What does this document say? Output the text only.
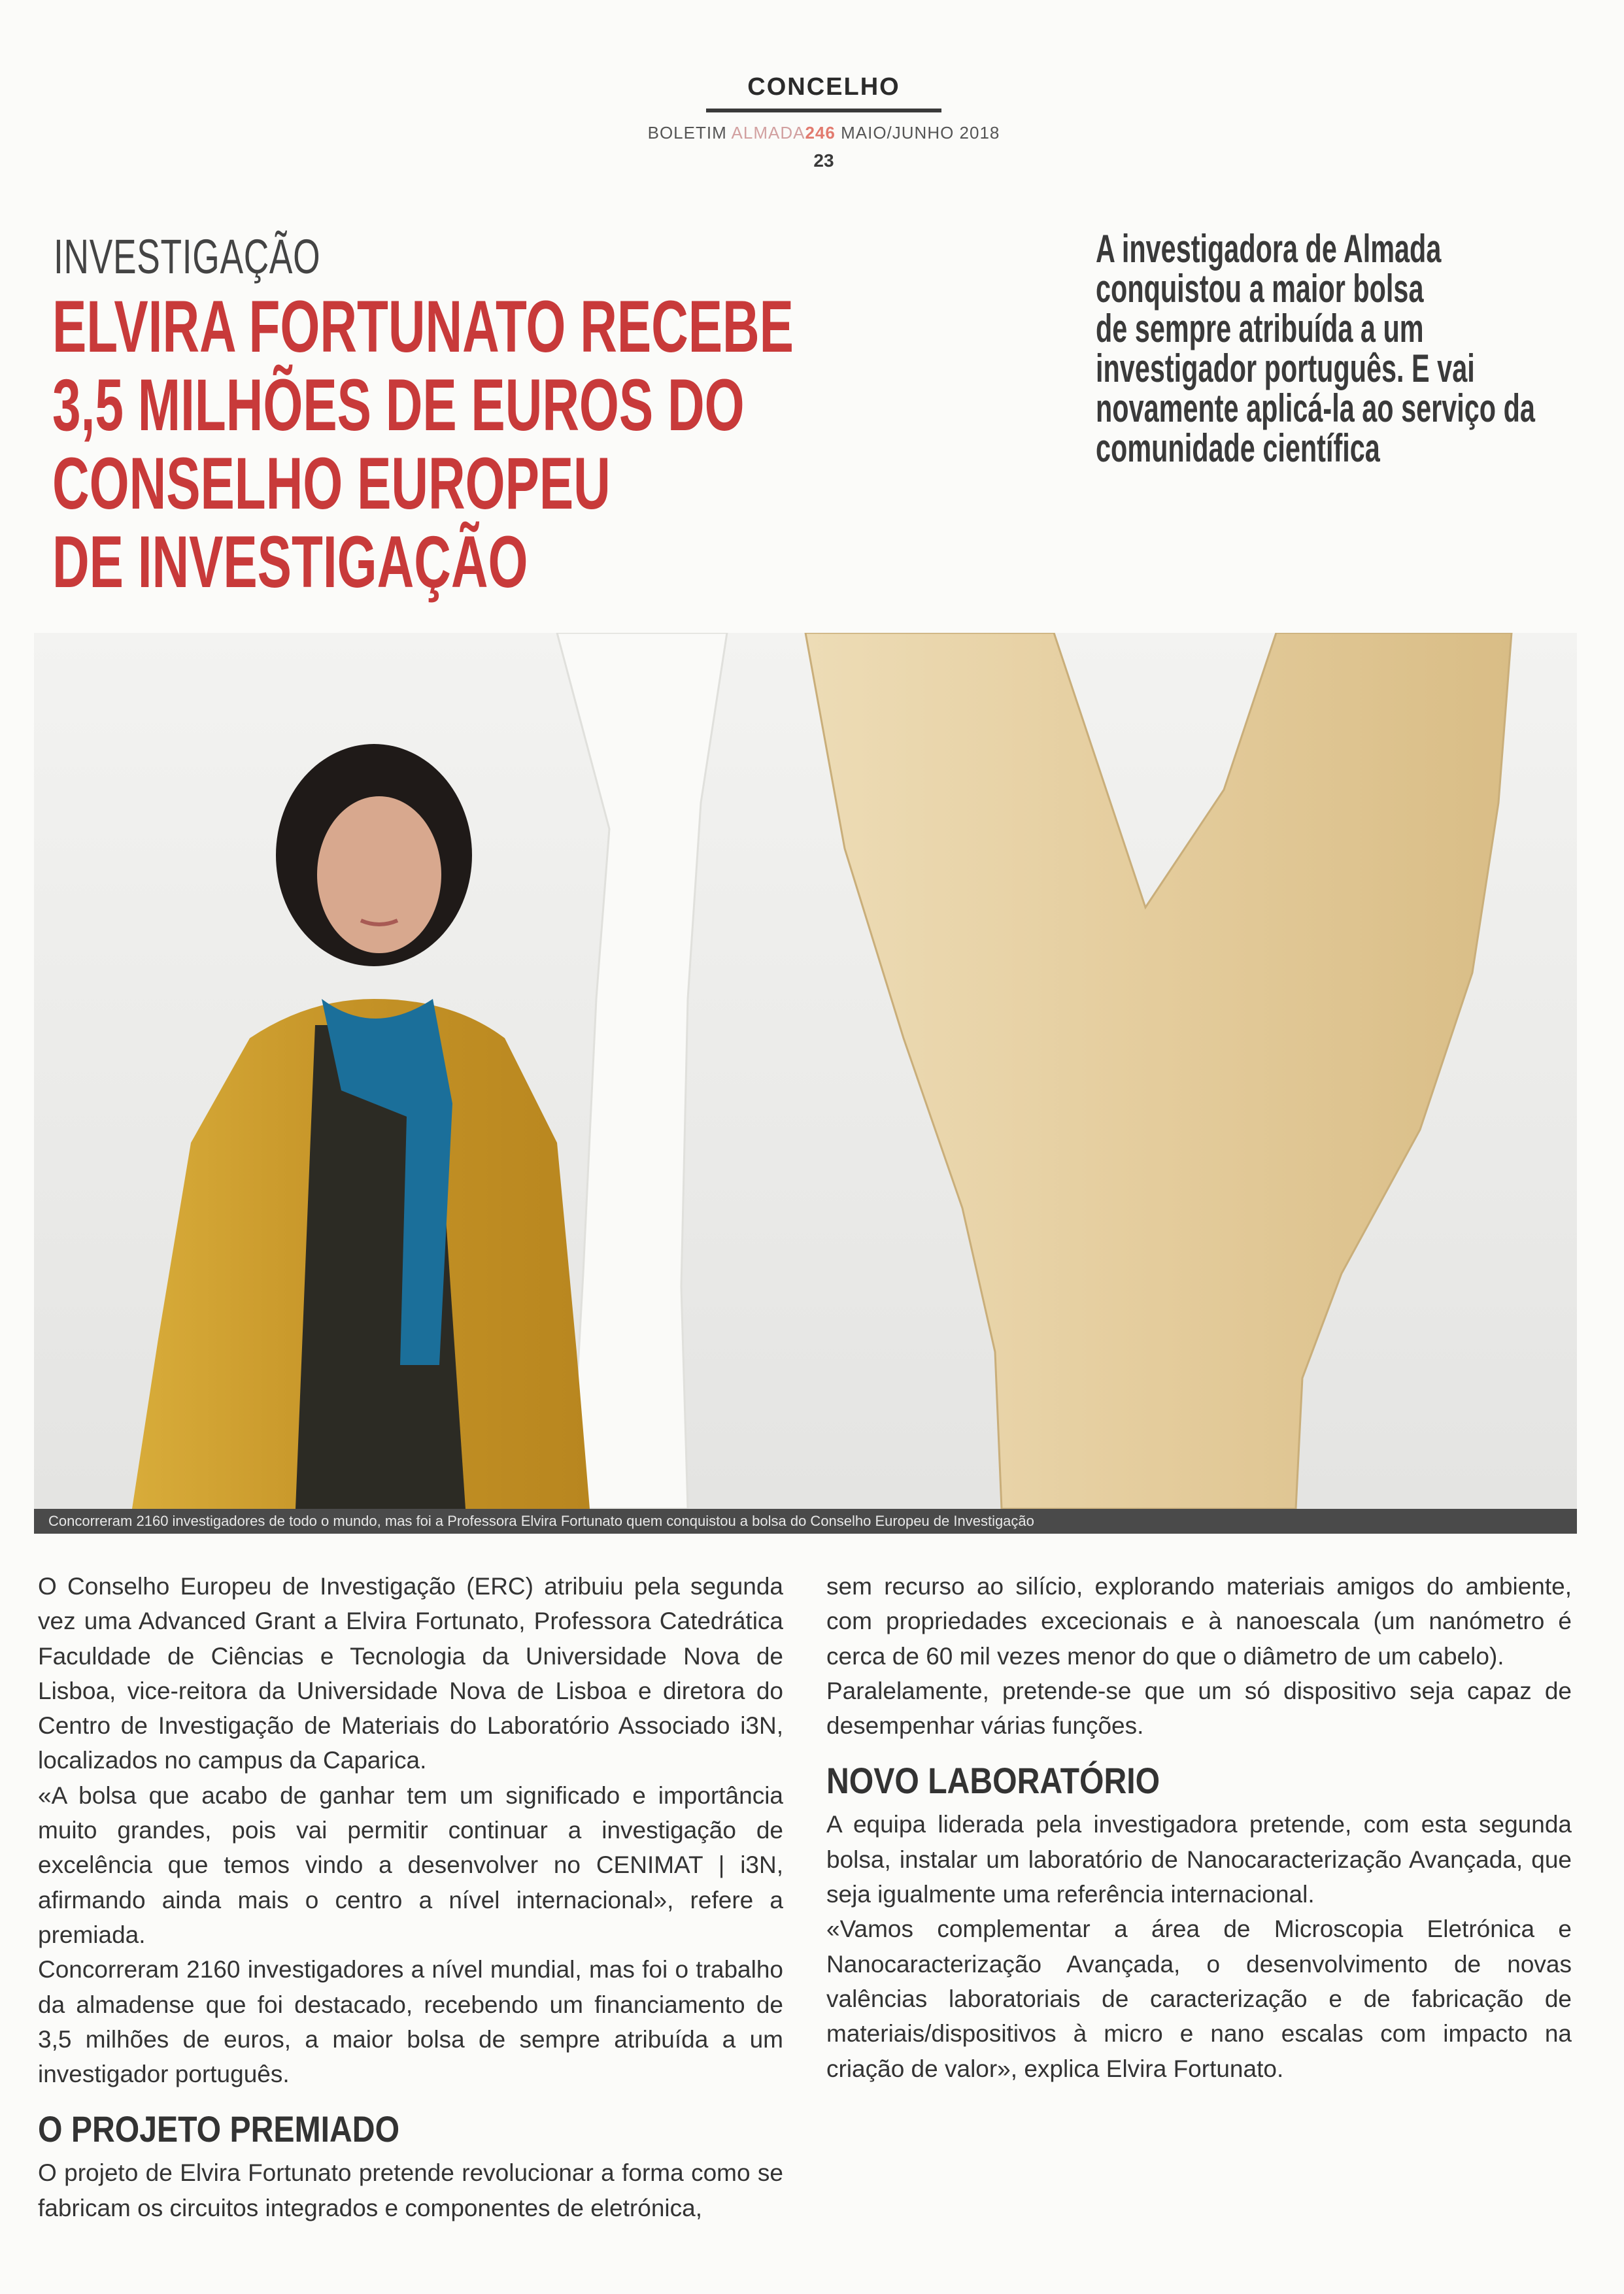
CONCELHO
BOLETIM ALMADA246 MAIO/JUNHO 2018
23
INVESTIGAÇÃO
ELVIRA FORTUNATO RECEBE
3,5 MILHÕES DE EUROS DO
CONSELHO EUROPEU
DE INVESTIGAÇÃO
A investigadora de Almada
conquistou a maior bolsa
de sempre atribuída a um
investigador português. E vai
novamente aplicá-la ao serviço da
comunidade científica
Concorreram 2160 investigadores de todo o mundo, mas foi a Professora Elvira Fortunato quem conquistou a bolsa do Conselho Europeu de Investigação

O Conselho Europeu de Investigação (ERC) atribuiu pela segunda vez uma Advanced Grant a Elvira Fortunato, Professora Catedrática Faculdade de Ciências e Tecnologia da Universidade Nova de Lisboa, vice-reitora da Universidade Nova de Lisboa e diretora do Centro de Investigação de Materiais do Laboratório Associado i3N, localizados no campus da Caparica.

«A bolsa que acabo de ganhar tem um significado e importância muito grandes, pois vai permitir continuar a investigação de excelência que temos vindo a desenvolver no CENIMAT | i3N, afirmando ainda mais o centro a nível internacional», refere a premiada.

Concorreram 2160 investigadores a nível mundial, mas foi o trabalho da almadense que foi destacado, recebendo um financiamento de 3,5 milhões de euros, a maior bolsa de sempre atribuída a um investigador português.

O PROJETO PREMIADO

O projeto de Elvira Fortunato pretende revolucionar a forma como se fabricam os circuitos integrados e componentes de eletrónica,

sem recurso ao silício, explorando materiais amigos do ambiente, com propriedades excecionais e à nanoescala (um nanómetro é cerca de 60 mil vezes menor do que o diâmetro de um cabelo).

Paralelamente, pretende-se que um só dispositivo seja capaz de desempenhar várias funções.

NOVO LABORATÓRIO

A equipa liderada pela investigadora pretende, com esta segunda bolsa, instalar um laboratório de Nanocaracterização Avançada, que seja igualmente uma referência internacional.

«Vamos complementar a área de Microscopia Eletrónica e Nanocaracterização Avançada, o desenvolvimento de novas valências laboratoriais de caracterização e de fabricação de materiais/dispositivos à micro e nano escalas com impacto na criação de valor», explica Elvira Fortunato.
